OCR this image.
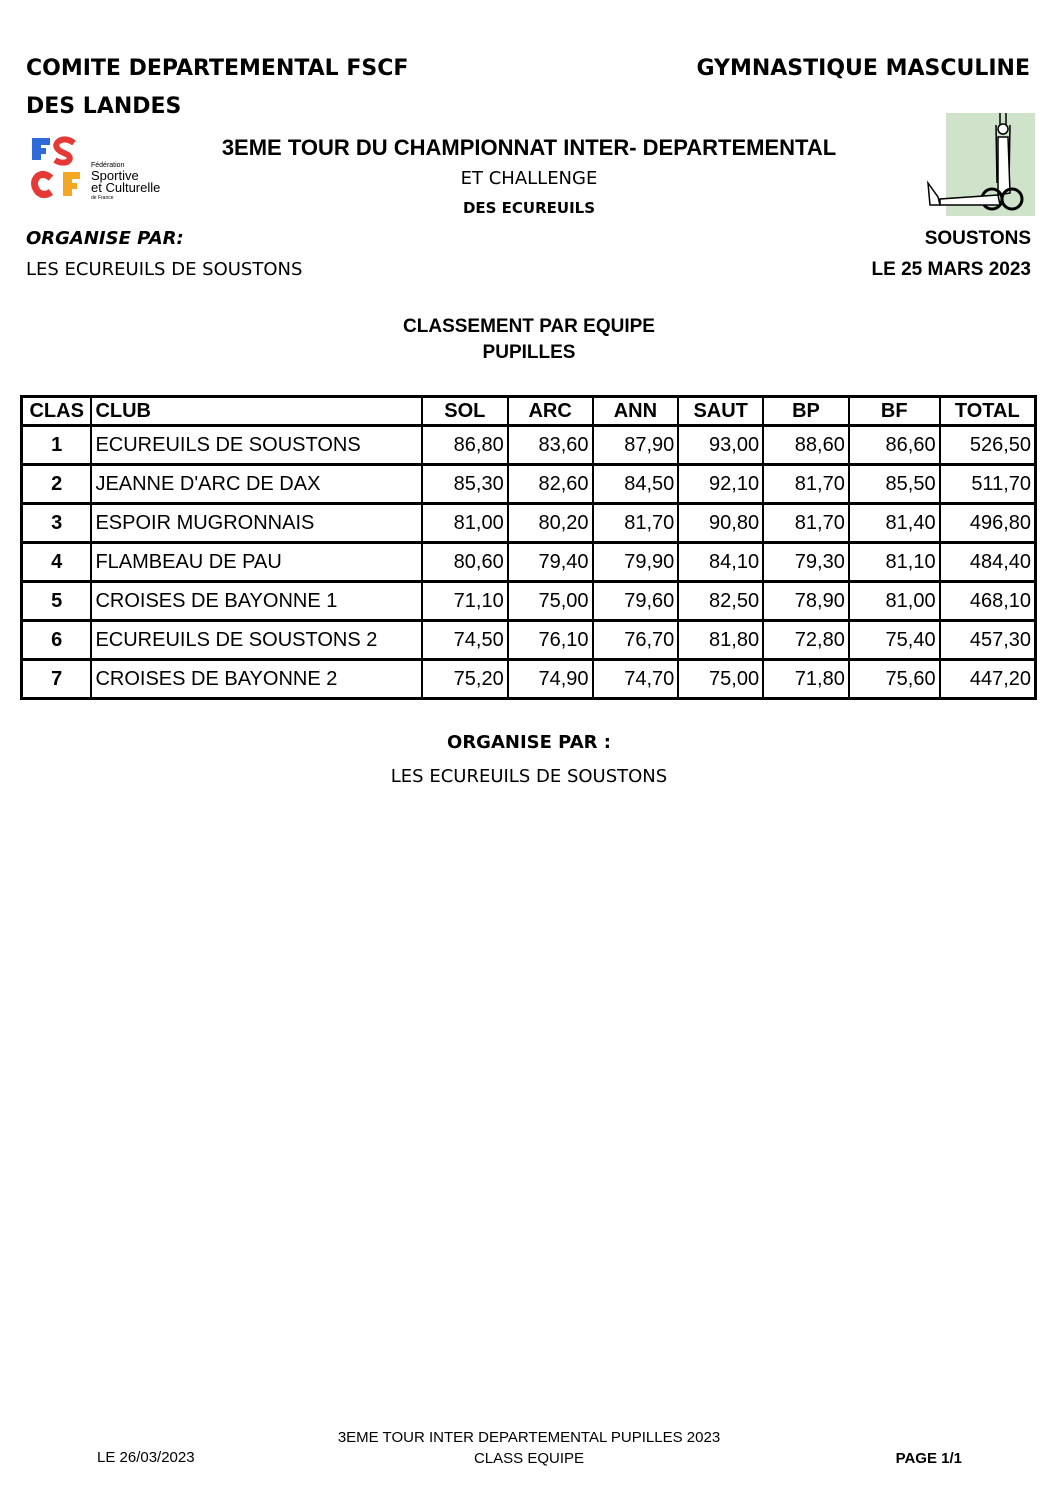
COMITE DEPARTEMENTAL FSCF
DES LANDES
GYMNASTIQUE MASCULINE
Fédération
Sportive
et Culturelle
de France
3EME TOUR DU CHAMPIONNAT INTER- DEPARTEMENTAL
ET CHALLENGE
DES ECUREUILS
ORGANISE PAR:
LES ECUREUILS DE SOUSTONS
SOUSTONS
LE 25 MARS 2023
CLASSEMENT PAR EQUIPE
PUPILLES
CLAS	CLUB	SOL	ARC	ANN	SAUT	BP	BF	TOTAL
1	ECUREUILS DE SOUSTONS	86,80	83,60	87,90	93,00	88,60	86,60	526,50
2	JEANNE D'ARC DE DAX	85,30	82,60	84,50	92,10	81,70	85,50	511,70
3	ESPOIR MUGRONNAIS	81,00	80,20	81,70	90,80	81,70	81,40	496,80
4	FLAMBEAU DE PAU	80,60	79,40	79,90	84,10	79,30	81,10	484,40
5	CROISES DE BAYONNE 1	71,10	75,00	79,60	82,50	78,90	81,00	468,10
6	ECUREUILS DE SOUSTONS 2	74,50	76,10	76,70	81,80	72,80	75,40	457,30
7	CROISES DE BAYONNE 2	75,20	74,90	74,70	75,00	71,80	75,60	447,20
ORGANISE PAR :
LES ECUREUILS DE SOUSTONS
3EME TOUR INTER DEPARTEMENTAL PUPILLES 2023
CLASS EQUIPE
LE 26/03/2023	PAGE 1/1
